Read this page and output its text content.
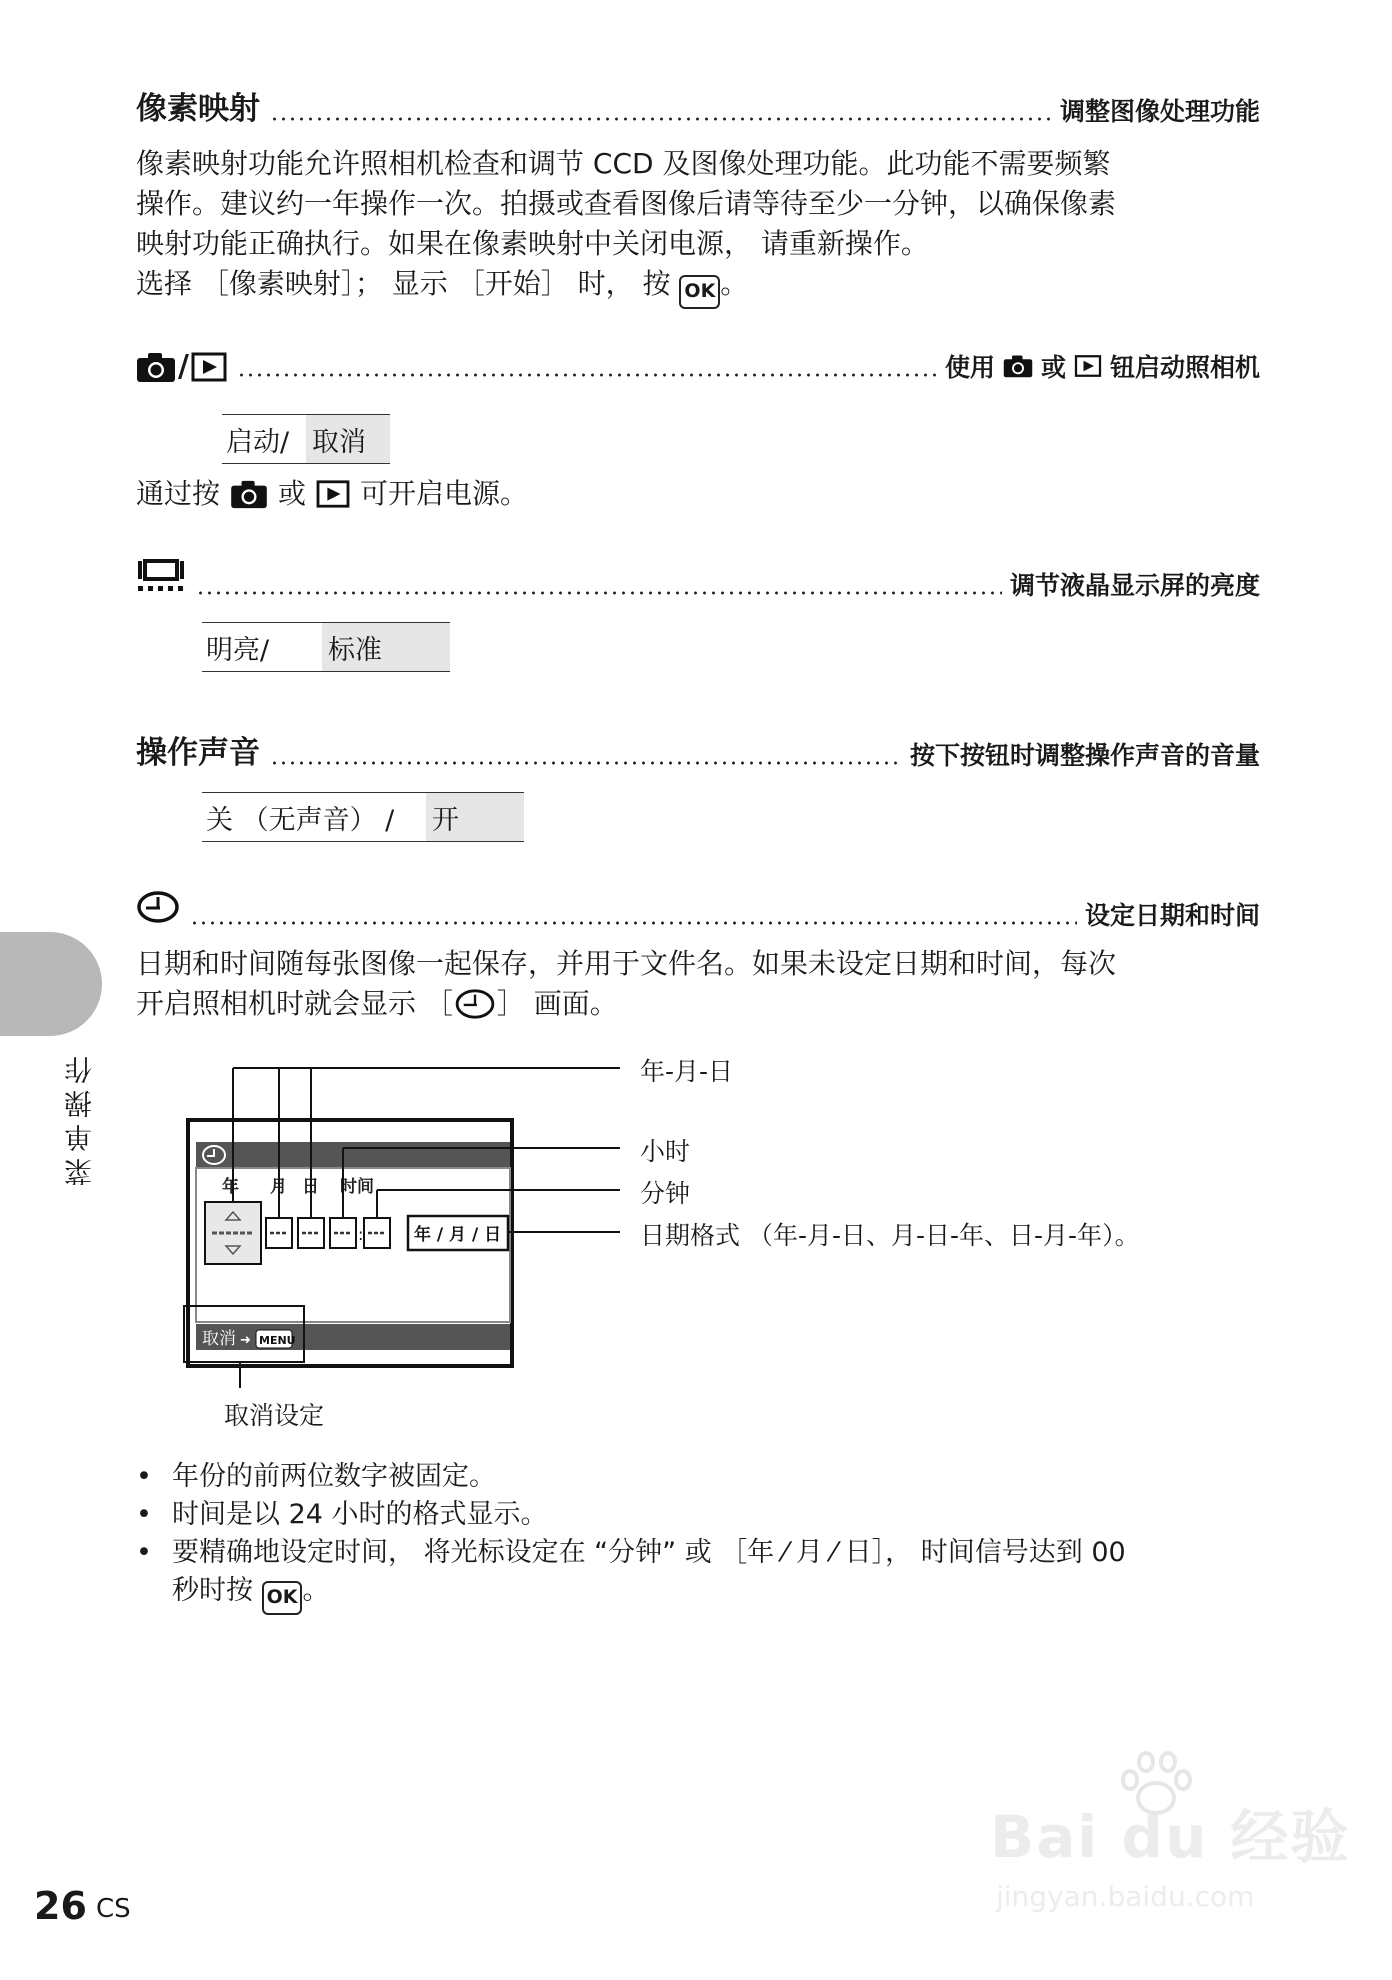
像素映射	调整图像处理功能

像素映射功能允许照相机检查和调节 CCD 及图像处理功能。此功能不需要频繁

操作。建议约一年操作一次。拍摄或查看图像后请等待至少一分钟，以确保像素

映射功能正确执行。如果在像素映射中关闭电源， 请重新操作。

选择 ［像素映射］； 显示 ［开始］ 时， 按 OK 。

/	使用 或 钮启动照相机
启动/ 取消

通过按 或 可开启电源。

调节液晶显示屏的亮度
明亮/	标准
操作声音	按下按钮时调整操作声音的音量
关 （无声音） /	开
设定日期和时间

日期和时间随每张图像一起保存，并用于文件名。如果未设定日期和时间，每次

开启照相机时就会显示 ［ ］ 画面。

年 月 日 时间
:	年 / 月 / 日
取消 ➜ MENU
年-月-日
小时
分钟
日期格式 （年-月-日、月-日-年、日-月-年）。
取消设定
• 年份的前两位数字被固定。
• 时间是以 24 小时的格式显示。
• 要精确地设定时间， 将光标设定在 “分钟” 或 ［年 ⁄ 月 ⁄ 日］， 时间信号达到 00
秒时按 OK 。
菜单操作
Bai du 经验
jingyan.baidu.com
26 CS
